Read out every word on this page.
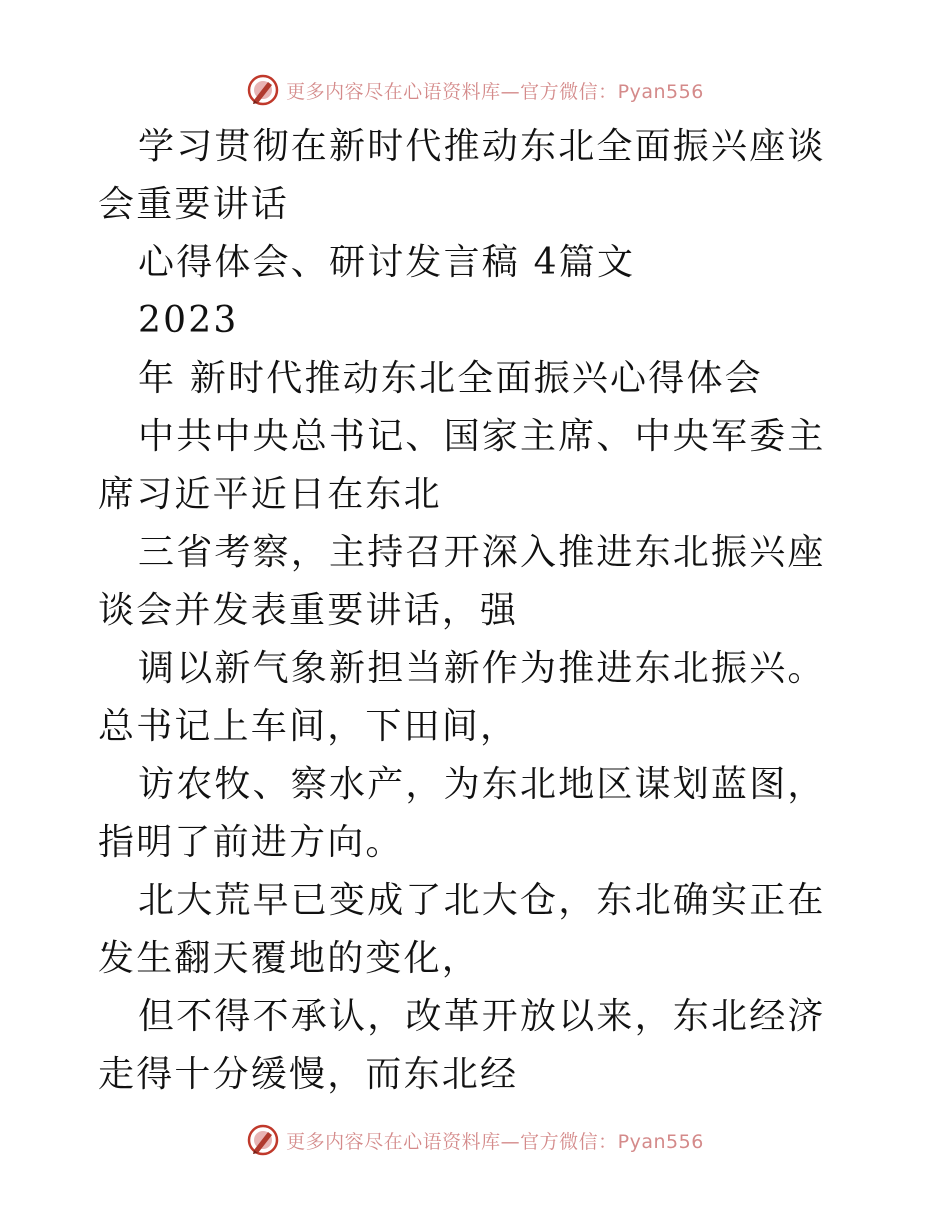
更多内容尽在心语资料库—官方微信：Pyan556

学习贯彻在新时代推动东北全面振兴座谈会重要讲话

心得体会、研讨发言稿 4篇文

2023

年 新时代推动东北全面振兴心得体会

中共中央总书记、国家主席、中央军委主席习近平近日在东北

三省考察，主持召开深入推进东北振兴座谈会并发表重要讲话，强

调以新气象新担当新作为推进东北振兴。总书记上车间，下田间，

访农牧、察水产，为东北地区谋划蓝图，指明了前进方向。

北大荒早已变成了北大仓，东北确实正在发生翻天覆地的变化，

但不得不承认，改革开放以来，东北经济走得十分缓慢，而东北经

更多内容尽在心语资料库—官方微信：Pyan556
